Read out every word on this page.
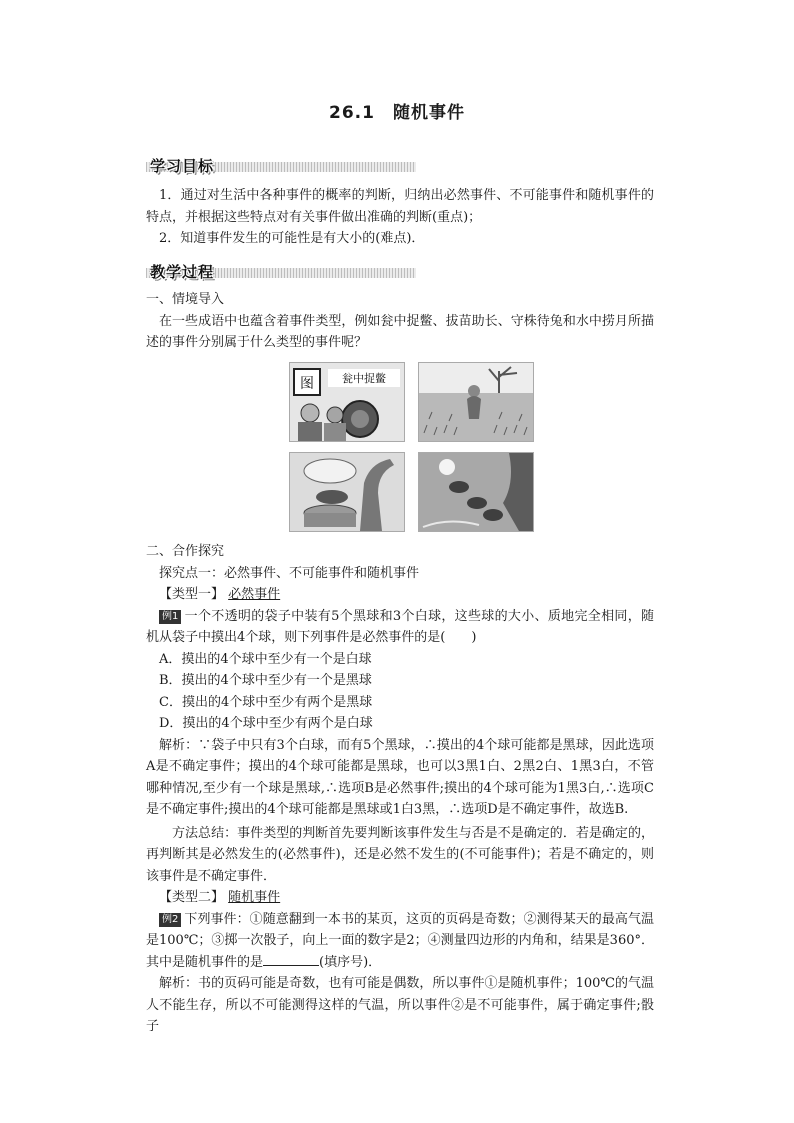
26.1　随机事件
学习目标

1．通过对生活中各种事件的概率的判断，归纳出必然事件、不可能事件和随机事件的特点，并根据这些特点对有关事件做出准确的判断(重点)；

2．知道事件发生的可能性是有大小的(难点)．

教学过程

一、情境导入

在一些成语中也蕴含着事件类型，例如瓮中捉鳖、拔苗助长、守株待兔和水中捞月所描述的事件分别属于什么类型的事件呢？

图	瓮中捉鳖

二、合作探究

探究点一：必然事件、不可能事件和随机事件

【类型一】 必然事件

例1 一个不透明的袋子中装有5个黑球和3个白球，这些球的大小、质地完全相同，随机从袋子中摸出4个球，则下列事件是必然事件的是(　　)

A．摸出的4个球中至少有一个是白球

B．摸出的4个球中至少有一个是黑球

C．摸出的4个球中至少有两个是黑球

D．摸出的4个球中至少有两个是白球

解析：∵袋子中只有3个白球，而有5个黑球，∴摸出的4个球可能都是黑球，因此选项A是不确定事件；摸出的4个球可能都是黑球，也可以3黑1白、2黑2白、1黑3白，不管哪种情况,至少有一个球是黑球,∴选项B是必然事件;摸出的4个球可能为1黑3白,∴选项C是不确定事件;摸出的4个球可能都是黑球或1白3黑，∴选项D是不确定事件，故选B.

方法总结：事件类型的判断首先要判断该事件发生与否是不是确定的．若是确定的，再判断其是必然发生的(必然事件)，还是必然不发生的(不可能事件)；若是不确定的，则该事件是不确定事件．

【类型二】 随机事件

例2 下列事件：①随意翻到一本书的某页，这页的页码是奇数；②测得某天的最高气温是100℃；③掷一次骰子，向上一面的数字是2；④测量四边形的内角和，结果是360°．其中是随机事件的是	(填序号)．

解析：书的页码可能是奇数，也有可能是偶数，所以事件①是随机事件；100℃的气温人不能生存，所以不可能测得这样的气温，所以事件②是不可能事件，属于确定事件;骰子
